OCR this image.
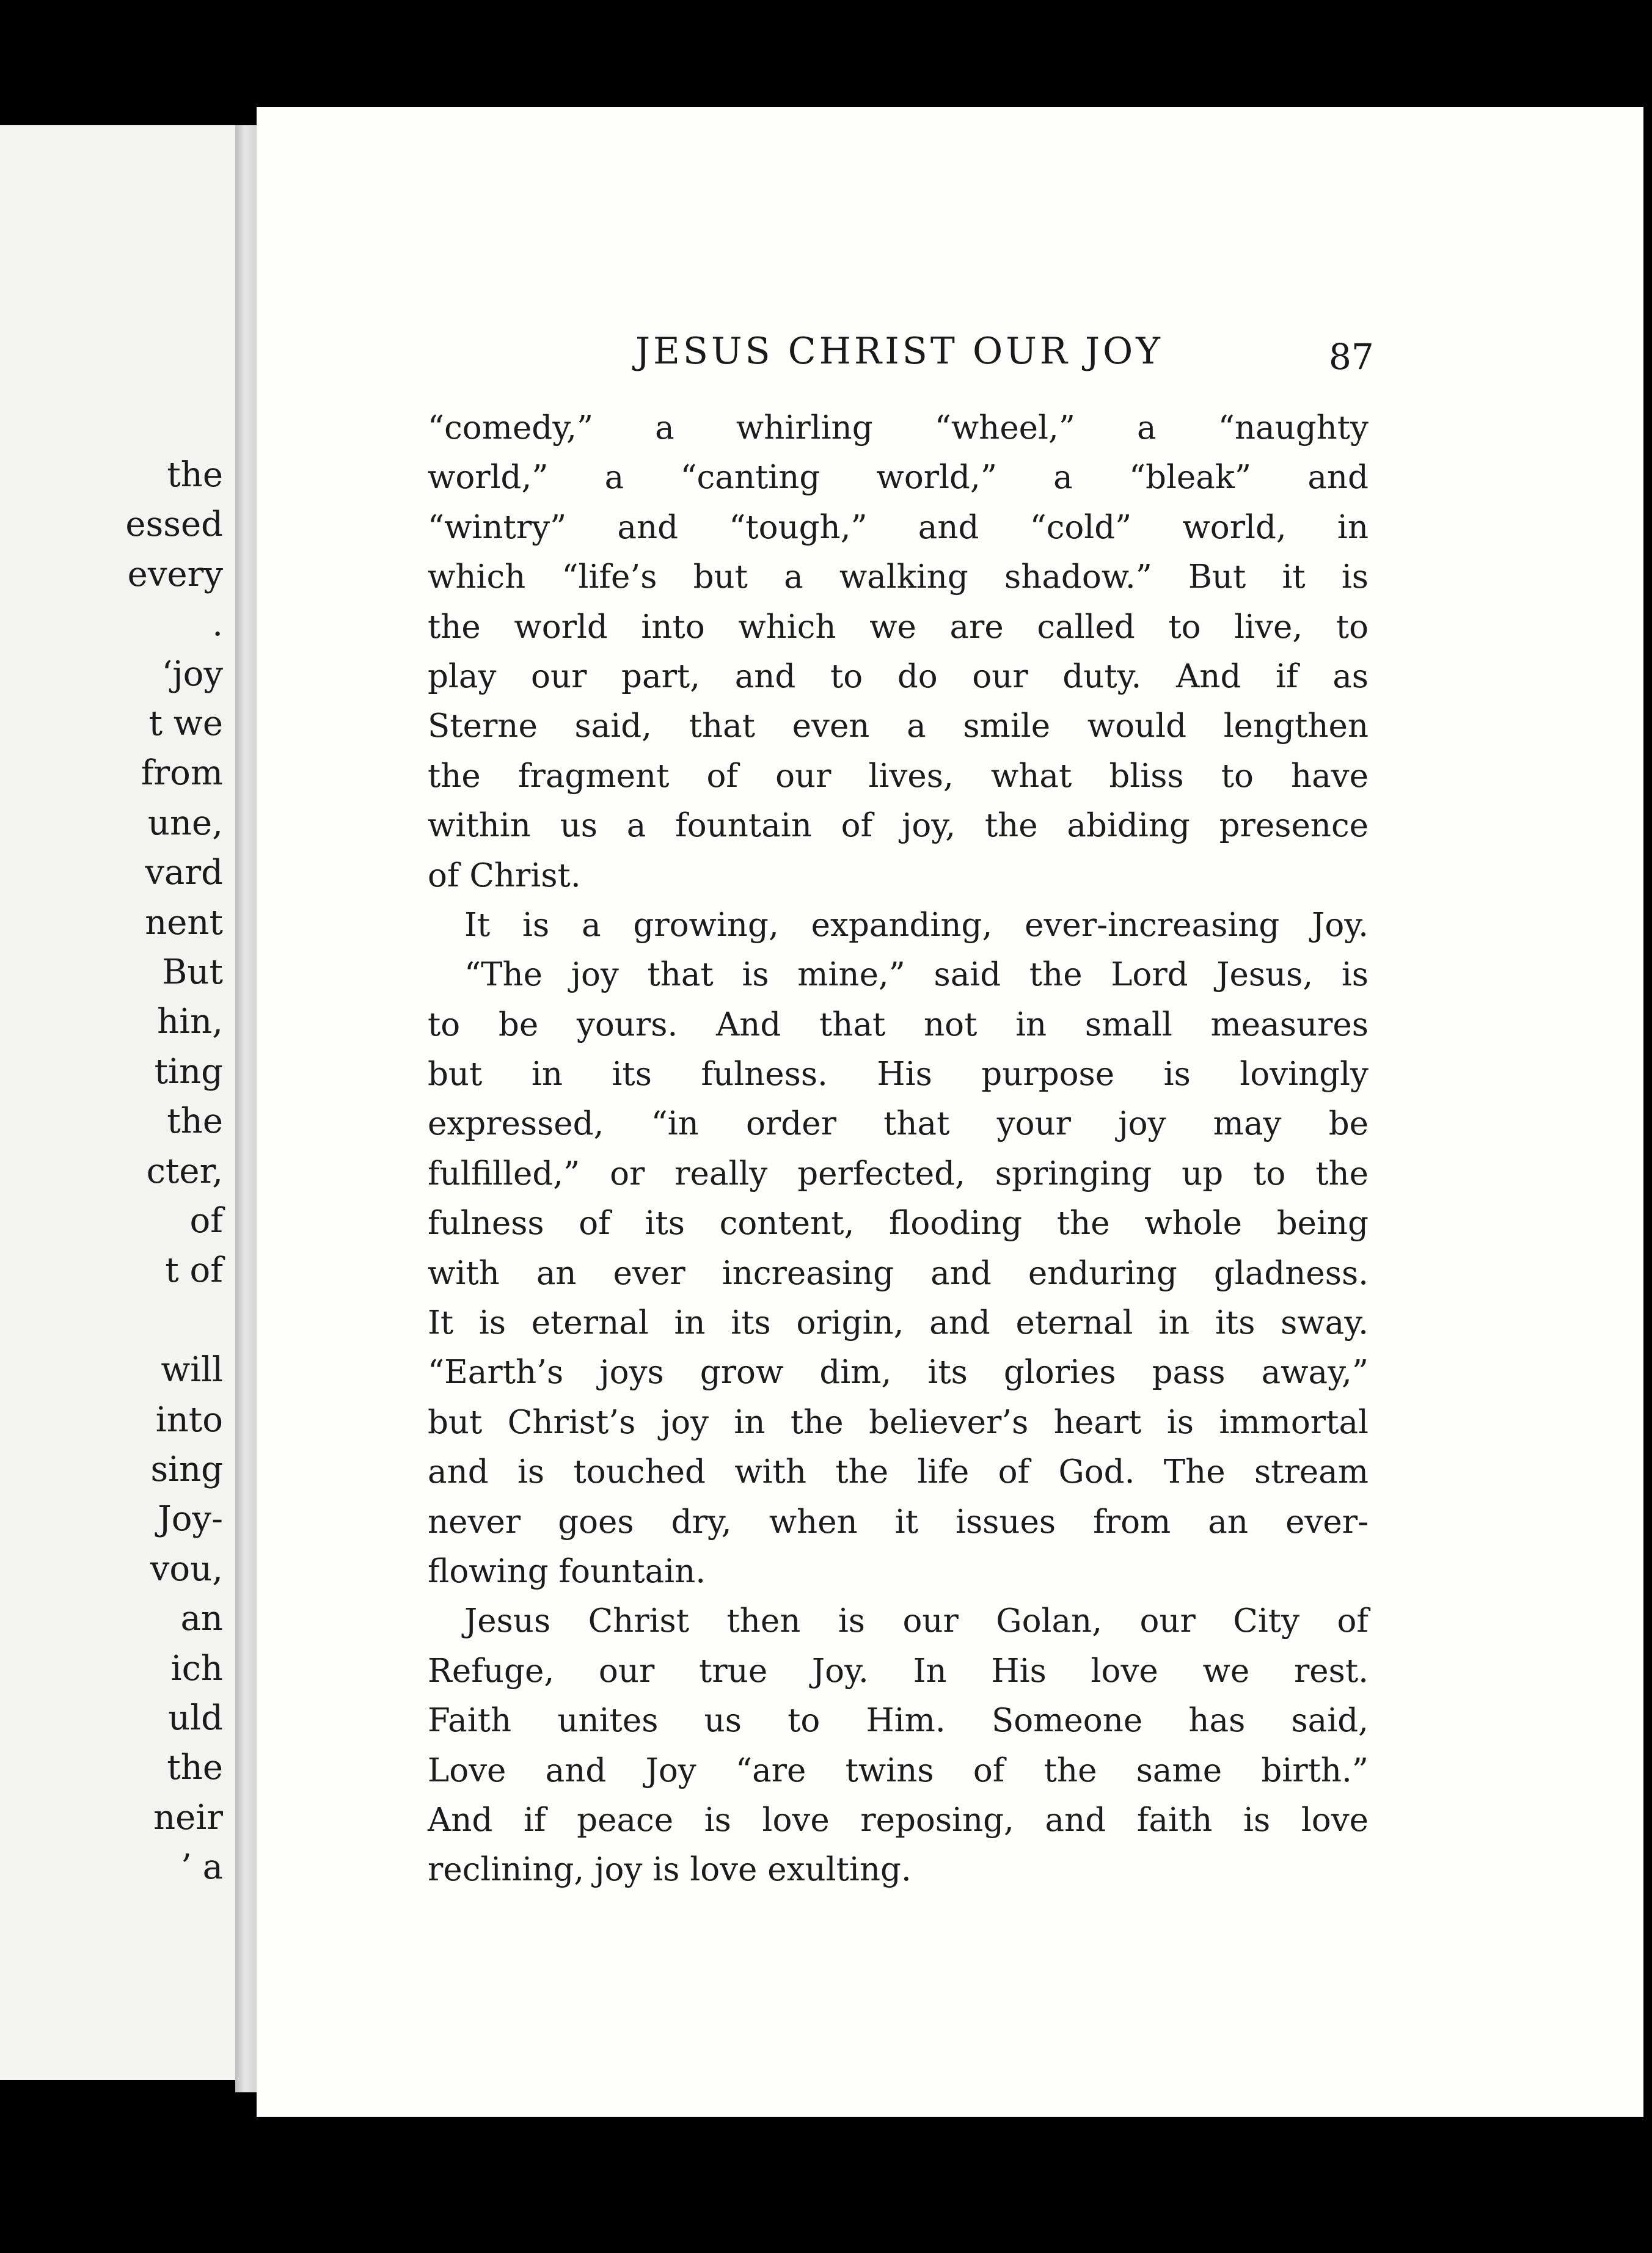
the
essed
every
.
‘joy
t we
from
une,
vard
nent
But
hin,
ting
the
cter,
of
t of
will
into
sing
Joy-
vou,
an
ich
uld
the
neir
’ a
JESUS CHRIST OUR JOY	87
“comedy,” a whirling “wheel,” a “naughty
world,” a “canting world,” a “bleak” and
“wintry” and “tough,” and “cold” world, in
which “life’s but a walking shadow.” But it is
the world into which we are called to live, to
play our part, and to do our duty. And if as
Sterne said, that even a smile would lengthen
the fragment of our lives, what bliss to have
within us a fountain of joy, the abiding presence
of Christ.
It is a growing, expanding, ever-increasing Joy.
“The joy that is mine,” said the Lord Jesus, is
to be yours. And that not in small measures
but in its fulness. His purpose is lovingly
expressed, “in order that your joy may be
fulfilled,” or really perfected, springing up to the
fulness of its content, flooding the whole being
with an ever increasing and enduring gladness.
It is eternal in its origin, and eternal in its sway.
“Earth’s joys grow dim, its glories pass away,”
but Christ’s joy in the believer’s heart is immortal
and is touched with the life of God. The stream
never goes dry, when it issues from an ever-
flowing fountain.
Jesus Christ then is our Golan, our City of
Refuge, our true Joy. In His love we rest.
Faith unites us to Him. Someone has said,
Love and Joy “are twins of the same birth.”
And if peace is love reposing, and faith is love
reclining, joy is love exulting.
